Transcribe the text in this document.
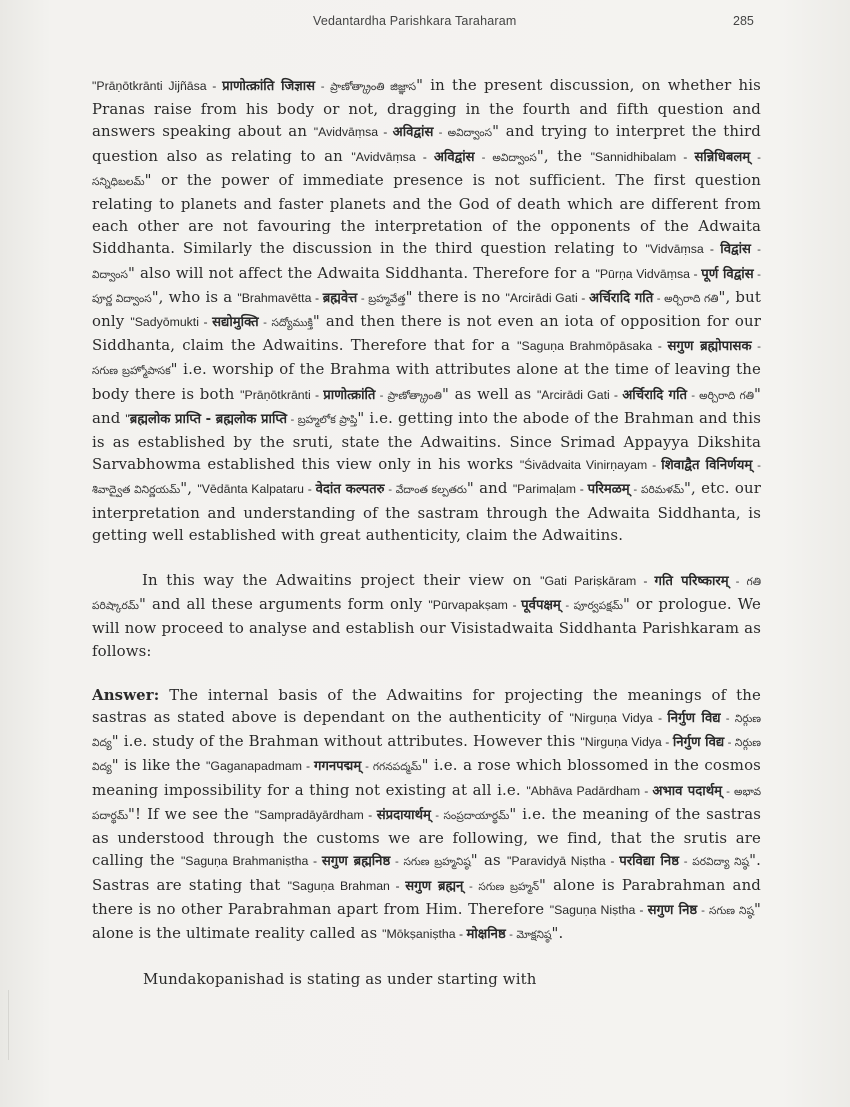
Vedantardha Parishkara Taraharam	285

"Prāṇōtkrānti Jijñāsa - प्राणोत्क्रांति जिज्ञास - ప్రాణోత్క్రాంతి జిజ్ఞాస" in the present discussion, on whether his Pranas raise from his body or not, dragging in the fourth and fifth question and answers speaking about an "Avidvāṃsa - अविद्वांस - అవిద్వాంస" and trying to interpret the third question also as relating to an "Avidvāṃsa - अविद्वांस - అవిద్వాంస", the "Sannidhibalam - सन्निधिबलम् - సన్నిధిబలమ్" or the power of immediate presence is not sufficient. The first question relating to planets and faster planets and the God of death which are different from each other are not favouring the interpretation of the opponents of the Adwaita Siddhanta. Similarly the discussion in the third question relating to "Vidvāṃsa - विद्वांस - విద్వాంస" also will not affect the Adwaita Siddhanta. Therefore for a "Pūrṇa Vidvāṃsa - पूर्ण विद्वांस - పూర్ణ విద్వాంస", who is a "Brahmavētta - ब्रह्मवेत्त - బ్రహ్మవేత్త" there is no "Arcirādi Gati - अर्चिरादि गति - అర్చిరాది గతి", but only "Sadyōmukti - सद्योमुक्ति - సద్యోముక్తి" and then there is not even an iota of opposition for our Siddhanta, claim the Adwaitins. Therefore that for a "Saguṇa Brahmōpāsaka - सगुण ब्रह्मोपासक - సగుణ బ్రహ్మోపాసక" i.e. worship of the Brahma with attributes alone at the time of leaving the body there is both "Prāṇōtkrānti - प्राणोत्क्रांति - ప్రాణోత్క్రాంతి" as well as "Arcirādi Gati - अर्चिरादि गति - అర్చిరాది గతి" and "ब्रह्मलोक प्राप्ति - ब्रह्मलोक प्राप्ति - బ్రహ్మలోక ప్రాప్తి" i.e. getting into the abode of the Brahman and this is as established by the sruti, state the Adwaitins. Since Srimad Appayya Dikshita Sarvabhowma established this view only in his works "Śivādvaita Vinirṇayam - शिवाद्वैत विनिर्णयम् - శివాద్వైత వినిర్ణయమ్", "Vēdānta Kalpataru - वेदांत कल्पतरु - వేదాంత కల్పతరు" and "Parimaḷam - परिमळम् - పరిమళమ్", etc. our interpretation and understanding of the sastram through the Adwaita Siddhanta, is getting well established with great authenticity, claim the Adwaitins.

In this way the Adwaitins project their view on "Gati Pariṣkāram - गति परिष्कारम् - గతి పరిష్కారమ్" and all these arguments form only "Pūrvapakṣam - पूर्वपक्षम् - పూర్వపక్షమ్" or prologue. We will now proceed to analyse and establish our Visistadwaita Siddhanta Parishkaram as follows:

Answer: The internal basis of the Adwaitins for projecting the meanings of the sastras as stated above is dependant on the authenticity of "Nirguṇa Vidya - निर्गुण विद्य - నిర్గుణ విద్య" i.e. study of the Brahman without attributes. However this "Nirguṇa Vidya - निर्गुण विद्य - నిర్గుణ విద్య" is like the "Gaganapadmam - गगनपद्मम् - గగనపద్మమ్" i.e. a rose which blossomed in the cosmos meaning impossibility for a thing not existing at all i.e. "Abhāva Padārdham - अभाव पदार्थम् - అభావ పదార్థమ్"! If we see the "Sampradāyārdham - संप्रदायार्थम् - సంప్రదాయార్థమ్" i.e. the meaning of the sastras as understood through the customs we are following, we find, that the srutis are calling the "Saguṇa Brahmaniṣtha - सगुण ब्रह्मनिष्ठ - సగుణ బ్రహ్మనిష్ఠ" as "Paravidyā Niṣtha - परविद्या निष्ठ - పరవిద్యా నిష్ఠ". Sastras are stating that "Saguṇa Brahman - सगुण ब्रह्मन् - సగుణ బ్రహ్మన్" alone is Parabrahman and there is no other Parabrahman apart from Him. Therefore "Saguṇa Niṣtha - सगुण निष्ठ - సగుణ నిష్ఠ" alone is the ultimate reality called as "Mōkṣaniṣtha - मोक्षनिष्ठ - మోక్షనిష్ఠ".

Mundakopanishad is stating as under starting with
